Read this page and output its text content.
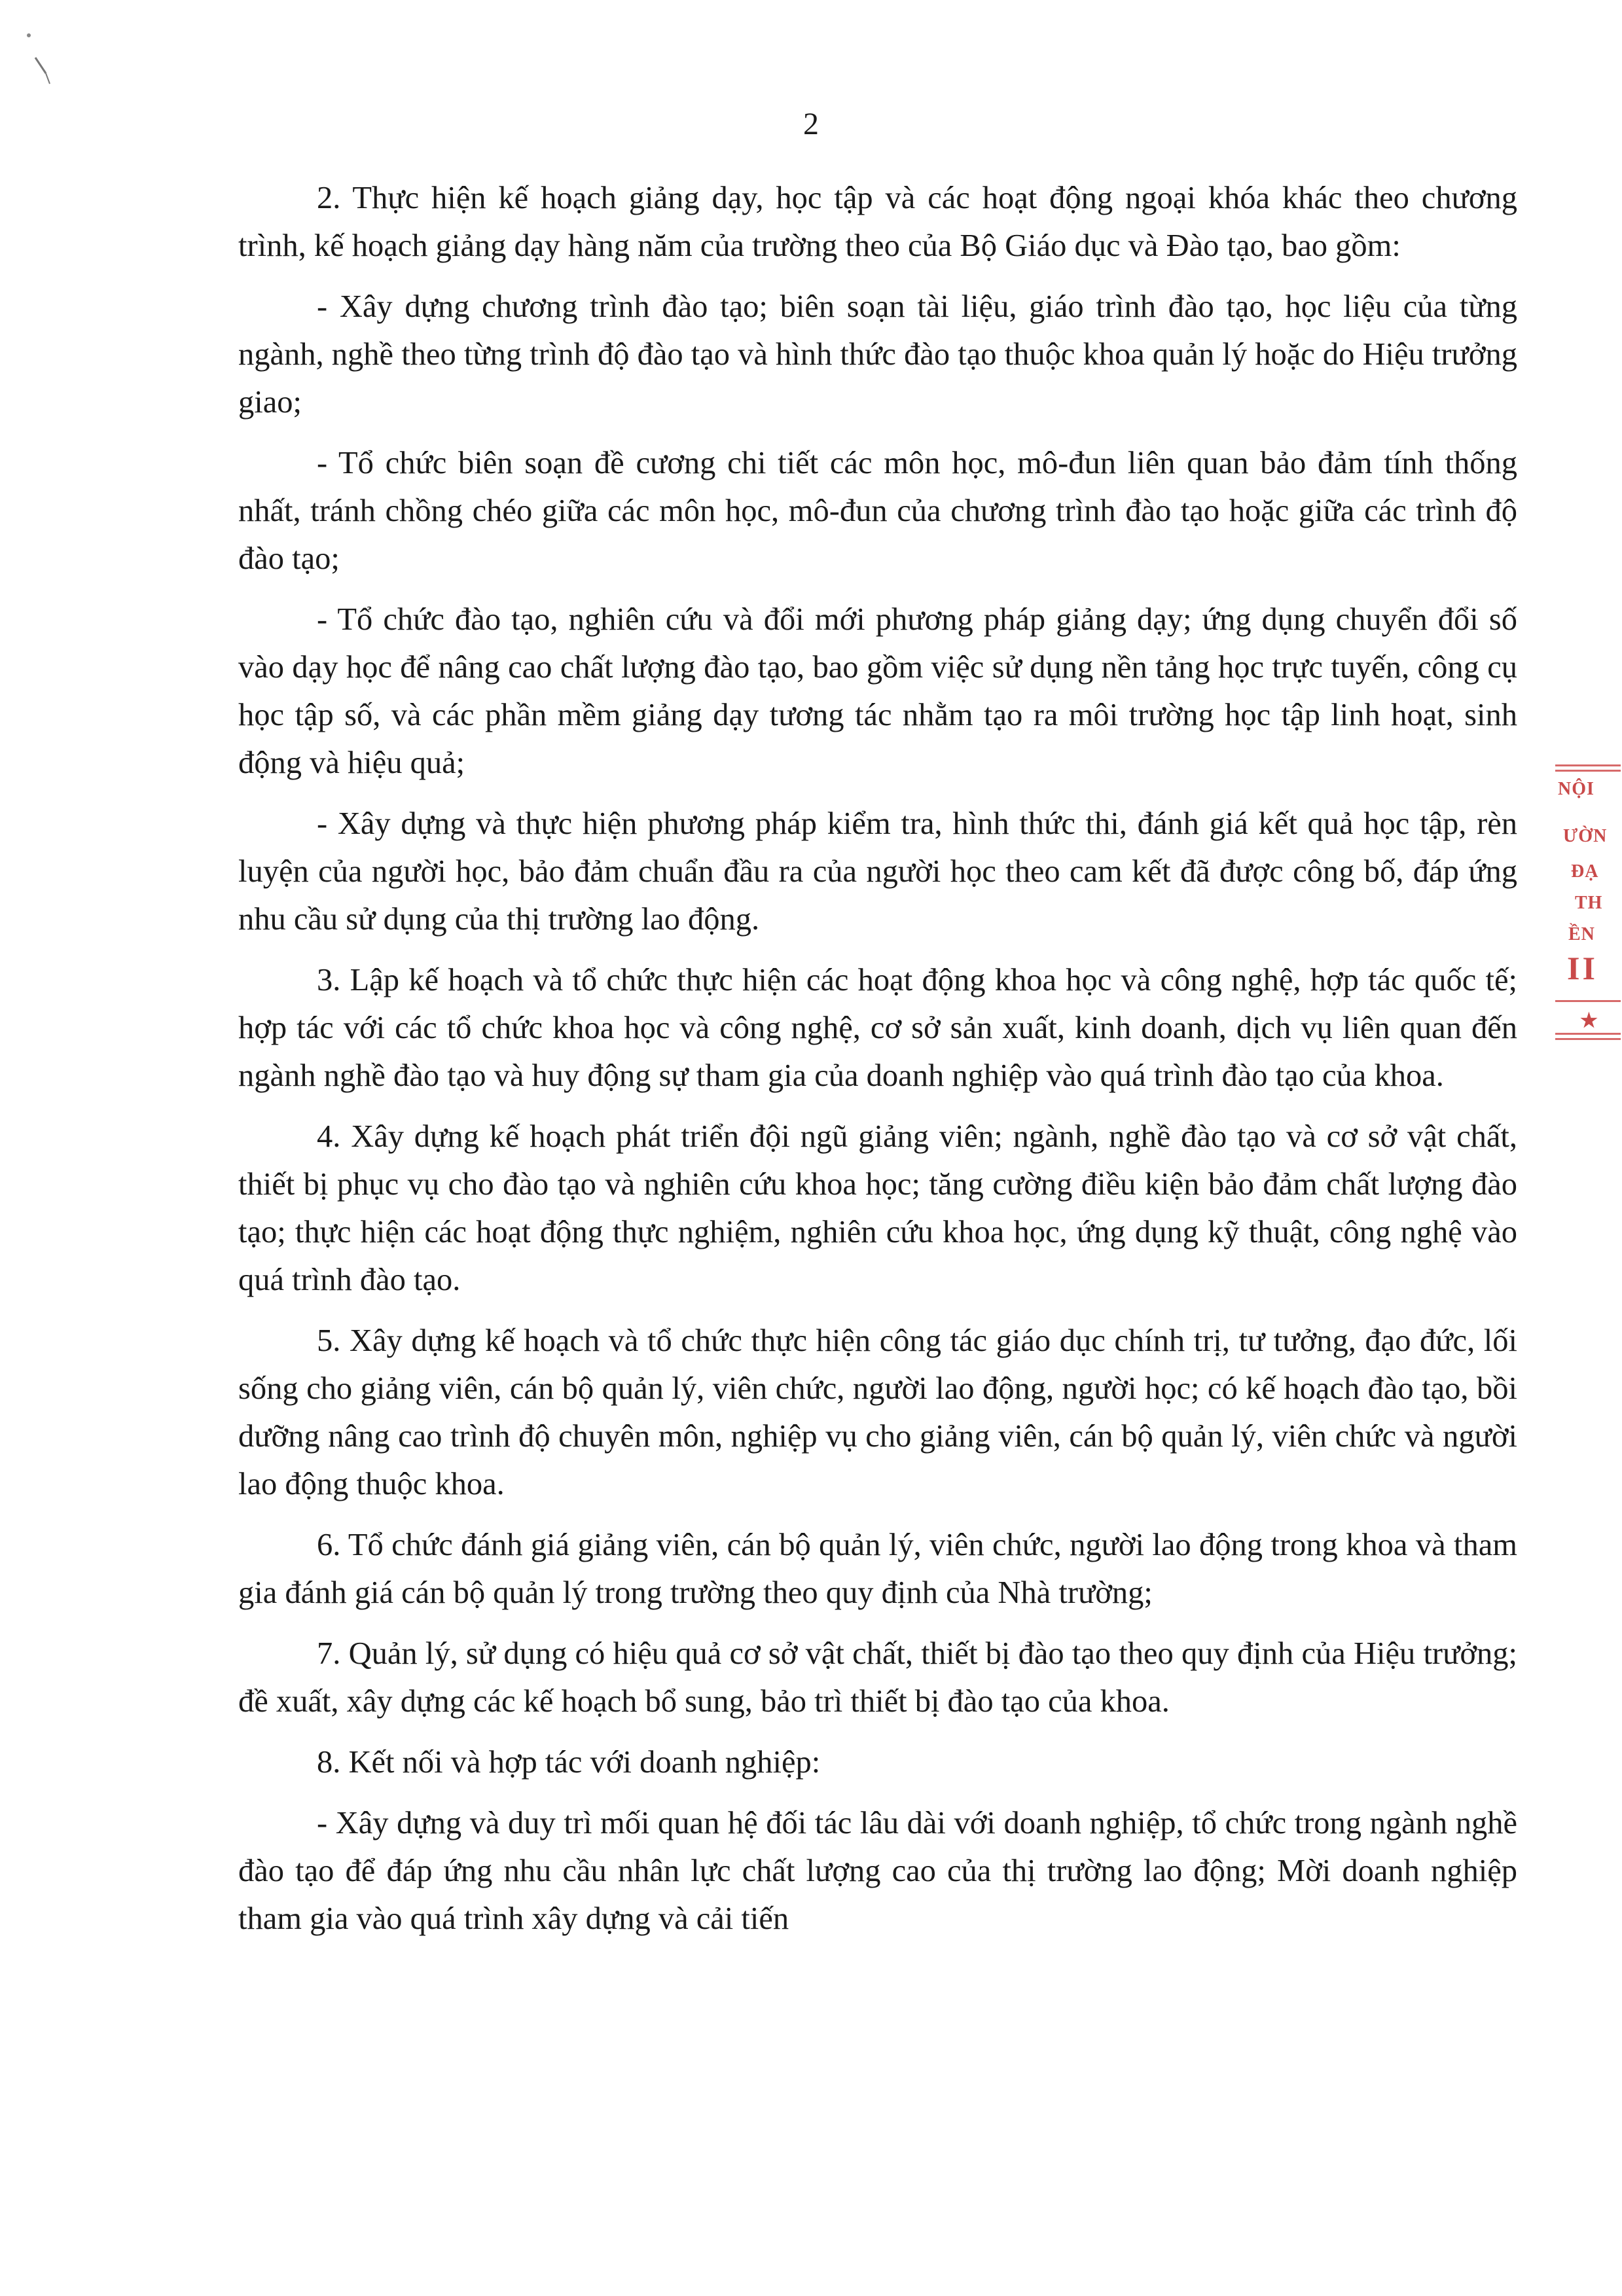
2

2. Thực hiện kế hoạch giảng dạy, học tập và các hoạt động ngoại khóa khác theo chương trình, kế hoạch giảng dạy hàng năm của trường theo của Bộ Giáo dục và Đào tạo, bao gồm:

- Xây dựng chương trình đào tạo; biên soạn tài liệu, giáo trình đào tạo, học liệu của từng ngành, nghề theo từng trình độ đào tạo và hình thức đào tạo thuộc khoa quản lý hoặc do Hiệu trưởng giao;

- Tổ chức biên soạn đề cương chi tiết các môn học, mô-đun liên quan bảo đảm tính thống nhất, tránh chồng chéo giữa các môn học, mô-đun của chương trình đào tạo hoặc giữa các trình độ đào tạo;

- Tổ chức đào tạo, nghiên cứu và đổi mới phương pháp giảng dạy; ứng dụng chuyển đổi số vào dạy học để nâng cao chất lượng đào tạo, bao gồm việc sử dụng nền tảng học trực tuyến, công cụ học tập số, và các phần mềm giảng dạy tương tác nhằm tạo ra môi trường học tập linh hoạt, sinh động và hiệu quả;

- Xây dựng và thực hiện phương pháp kiểm tra, hình thức thi, đánh giá kết quả học tập, rèn luyện của người học, bảo đảm chuẩn đầu ra của người học theo cam kết đã được công bố, đáp ứng nhu cầu sử dụng của thị trường lao động.

3. Lập kế hoạch và tổ chức thực hiện các hoạt động khoa học và công nghệ, hợp tác quốc tế; hợp tác với các tổ chức khoa học và công nghệ, cơ sở sản xuất, kinh doanh, dịch vụ liên quan đến ngành nghề đào tạo và huy động sự tham gia của doanh nghiệp vào quá trình đào tạo của khoa.

4. Xây dựng kế hoạch phát triển đội ngũ giảng viên; ngành, nghề đào tạo và cơ sở vật chất, thiết bị phục vụ cho đào tạo và nghiên cứu khoa học; tăng cường điều kiện bảo đảm chất lượng đào tạo; thực hiện các hoạt động thực nghiệm, nghiên cứu khoa học, ứng dụng kỹ thuật, công nghệ vào quá trình đào tạo.

5. Xây dựng kế hoạch và tổ chức thực hiện công tác giáo dục chính trị, tư tưởng, đạo đức, lối sống cho giảng viên, cán bộ quản lý, viên chức, người lao động, người học; có kế hoạch đào tạo, bồi dưỡng nâng cao trình độ chuyên môn, nghiệp vụ cho giảng viên, cán bộ quản lý, viên chức và người lao động thuộc khoa.

6. Tổ chức đánh giá giảng viên, cán bộ quản lý, viên chức, người lao động trong khoa và tham gia đánh giá cán bộ quản lý trong trường theo quy định của Nhà trường;

7. Quản lý, sử dụng có hiệu quả cơ sở vật chất, thiết bị đào tạo theo quy định của Hiệu trưởng; đề xuất, xây dựng các kế hoạch bổ sung, bảo trì thiết bị đào tạo của khoa.

8. Kết nối và hợp tác với doanh nghiệp:

- Xây dựng và duy trì mối quan hệ đối tác lâu dài với doanh nghiệp, tổ chức trong ngành nghề đào tạo để đáp ứng nhu cầu nhân lực chất lượng cao của thị trường lao động; Mời doanh nghiệp tham gia vào quá trình xây dựng và cải tiến

NỘI
ƯỜN
ĐẠ
TH
ỀN
II
★
